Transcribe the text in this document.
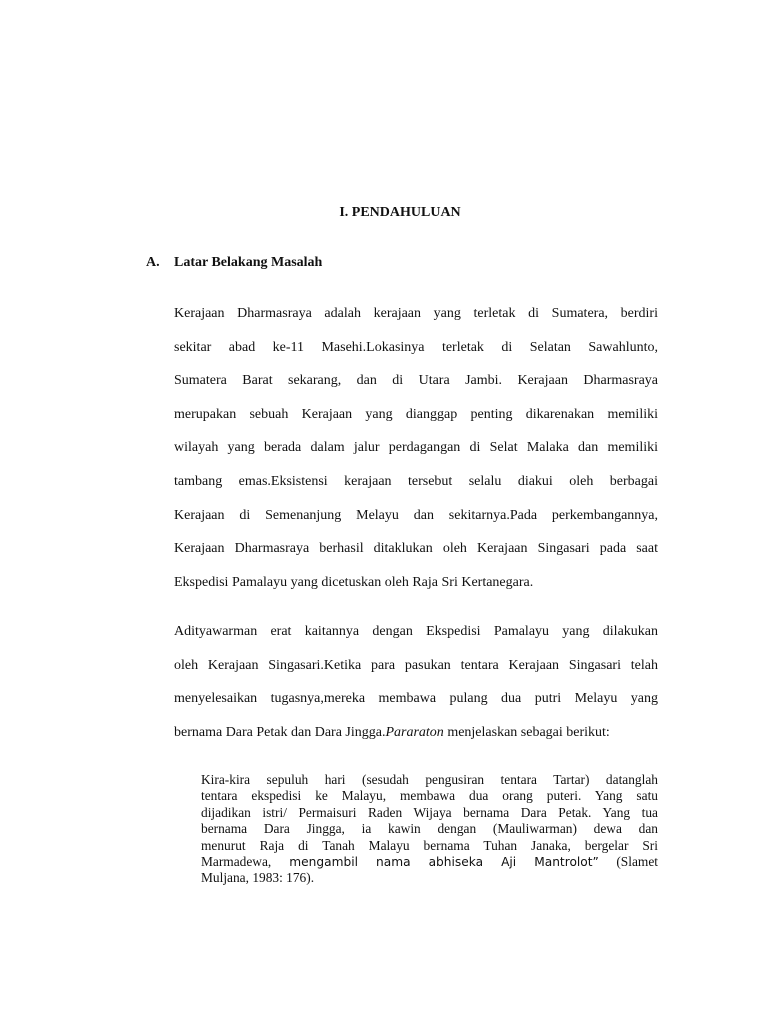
I. PENDAHULUAN
A. Latar Belakang Masalah
Kerajaan Dharmasraya adalah kerajaan yang terletak di Sumatera, berdiri
sekitar abad ke-11 Masehi.Lokasinya terletak di Selatan Sawahlunto,
Sumatera Barat sekarang, dan di Utara Jambi. Kerajaan Dharmasraya
merupakan sebuah Kerajaan yang dianggap penting dikarenakan memiliki
wilayah yang berada dalam jalur perdagangan di Selat Malaka dan memiliki
tambang emas.Eksistensi kerajaan tersebut selalu diakui oleh berbagai
Kerajaan di Semenanjung Melayu dan sekitarnya.Pada perkembangannya,
Kerajaan Dharmasraya berhasil ditaklukan oleh Kerajaan Singasari pada saat
Ekspedisi Pamalayu yang dicetuskan oleh Raja Sri Kertanegara.
Adityawarman erat kaitannya dengan Ekspedisi Pamalayu yang dilakukan
oleh Kerajaan Singasari.Ketika para pasukan tentara Kerajaan Singasari telah
menyelesaikan tugasnya,mereka membawa pulang dua putri Melayu yang
bernama Dara Petak dan Dara Jingga.Pararaton menjelaskan sebagai berikut:
Kira-kira sepuluh hari (sesudah pengusiran tentara Tartar) datanglah
tentara ekspedisi ke Malayu, membawa dua orang puteri. Yang satu
dijadikan istri/ Permaisuri Raden Wijaya bernama Dara Petak. Yang tua
bernama Dara Jingga, ia kawin dengan (Mauliwarman) dewa dan
menurut Raja di Tanah Malayu bernama Tuhan Janaka, bergelar Sri
Marmadewa, mengambil nama abhiseka Aji Mantrolot” (Slamet
Muljana, 1983: 176).
